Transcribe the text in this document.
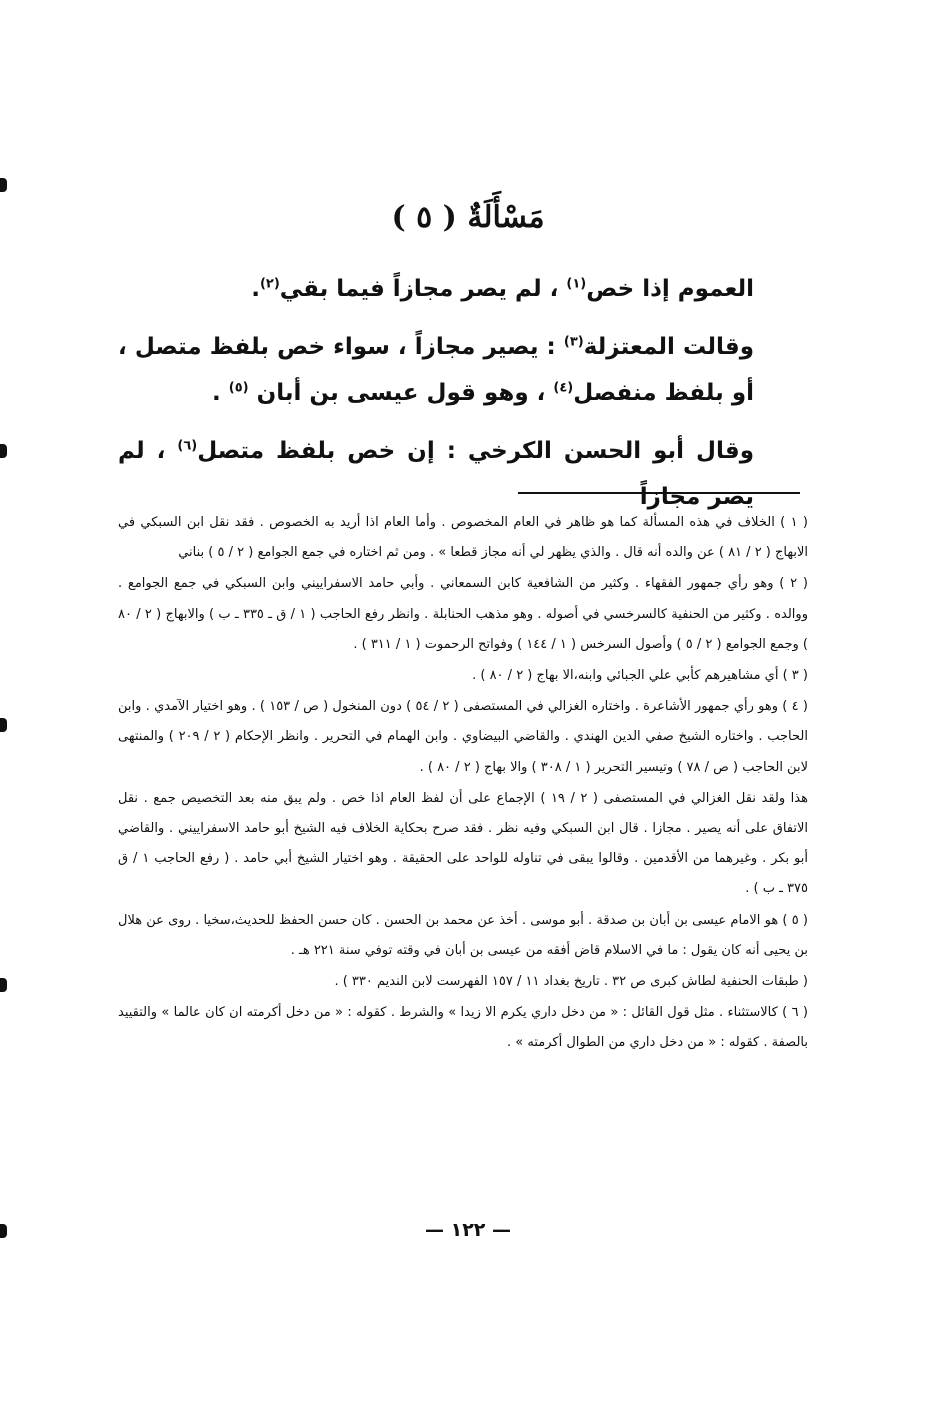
مَسْأَلَةٌ ( ٥ )

العموم إذا خص$^{(١)}$ ، لم يصر مجازاً فيما بقي$^{(٢)}$.

وقالت المعتزلة$^{(٣)}$ : يصير مجازاً ، سواء خص بلفظ متصل ، أو بلفظ منفصل$^{(٤)}$ ، وهو قول عيسى بن أبان $^{(٥)}$ .

وقال أبو الحسن الكرخي : إن خص بلفظ متصل$^{(٦)}$ ، لم يصر مجازاً

( ١ ) الخلاف في هذه المسألة كما هو ظاهر في العام المخصوص . وأما العام اذا أريد به الخصوص . فقد نقل ابن السبكي في الابهاج ( ٢ / ٨١ ) عن والده أنه قال . والذي يظهر لي أنه مجاز قطعا » . ومن ثم اختاره في جمع الجوامع ( ٢ / ٥ ) بناني

( ٢ ) وهو رأي جمهور الفقهاء . وكثير من الشافعية كابن السمعاني . وأبي حامد الاسفراييني وابن السبكي في جمع الجوامع . ووالده . وكثير من الحنفية كالسرخسي في أصوله . وهو مذهب الحنابلة . وانظر رفع الحاجب ( ١ / ق ـ ٣٣٥ ـ ب ) والابهاج ( ٢ / ٨٠ ) وجمع الجوامع ( ٢ / ٥ ) وأصول السرخس ( ١ / ١٤٤ ) وفواتح الرحموت ( ١ / ٣١١ ) .

( ٣ ) أي مشاهيرهم كأبي علي الجبائي وابنه،الا بهاج ( ٢ / ٨٠ ) .

( ٤ ) وهو رأي جمهور الأشاعرة . واختاره الغزالي في المستصفى ( ٢ / ٥٤ ) دون المنخول ( ص / ١٥٣ ) . وهو اختيار الآمدي . وابن الحاجب . واختاره الشيخ صفي الدين الهندي . والقاضي البيضاوي . وابن الهمام في التحرير . وانظر الإحكام ( ٢ / ٢٠٩ ) والمنتهى لابن الحاجب ( ص / ٧٨ ) وتيسير التحرير ( ١ / ٣٠٨ ) والا بهاج ( ٢ / ٨٠ ) .

هذا ولقد نقل الغزالي في المستصفى ( ٢ / ١٩ ) الإجماع على أن لفظ العام اذا خص . ولم يبق منه بعد التخصيص جمع . نقل الاتفاق على أنه يصير . مجازا . قال ابن السبكي وفيه نظر . فقد صرح بحكاية الخلاف فيه الشيخ أبو حامد الاسفراييني . والقاضي أبو بكر . وغيرهما من الأقدمين . وقالوا يبقى في تناوله للواحد على الحقيقة . وهو اختيار الشيخ أبي حامد . ( رفع الحاجب ١ / ق ٣٧٥ ـ ب ) .

( ٥ ) هو الامام عيسى بن أبان بن صدقة . أبو موسى . أخذ عن محمد بن الحسن . كان حسن الحفظ للحديث،سخيا . روى عن هلال بن يحيى أنه كان يقول : ما في الاسلام قاض أفقه من عيسى بن أبان في وقته توفي سنة ٢٢١ هـ .

( طبقات الحنفية لطاش كبرى ص ٣٢ . تاريخ بغداد ١١ / ١٥٧ الفهرست لابن النديم ٣٣٠ ) .

( ٦ ) كالاستثناء . مثل قول القائل : « من دخل داري يكرم الا زيدا » والشرط . كقوله : « من دخل أكرمته ان كان عالما » والتقييد بالصفة . كقوله : « من دخل داري من الطوال أكرمته » .

— ١٢٢ —
